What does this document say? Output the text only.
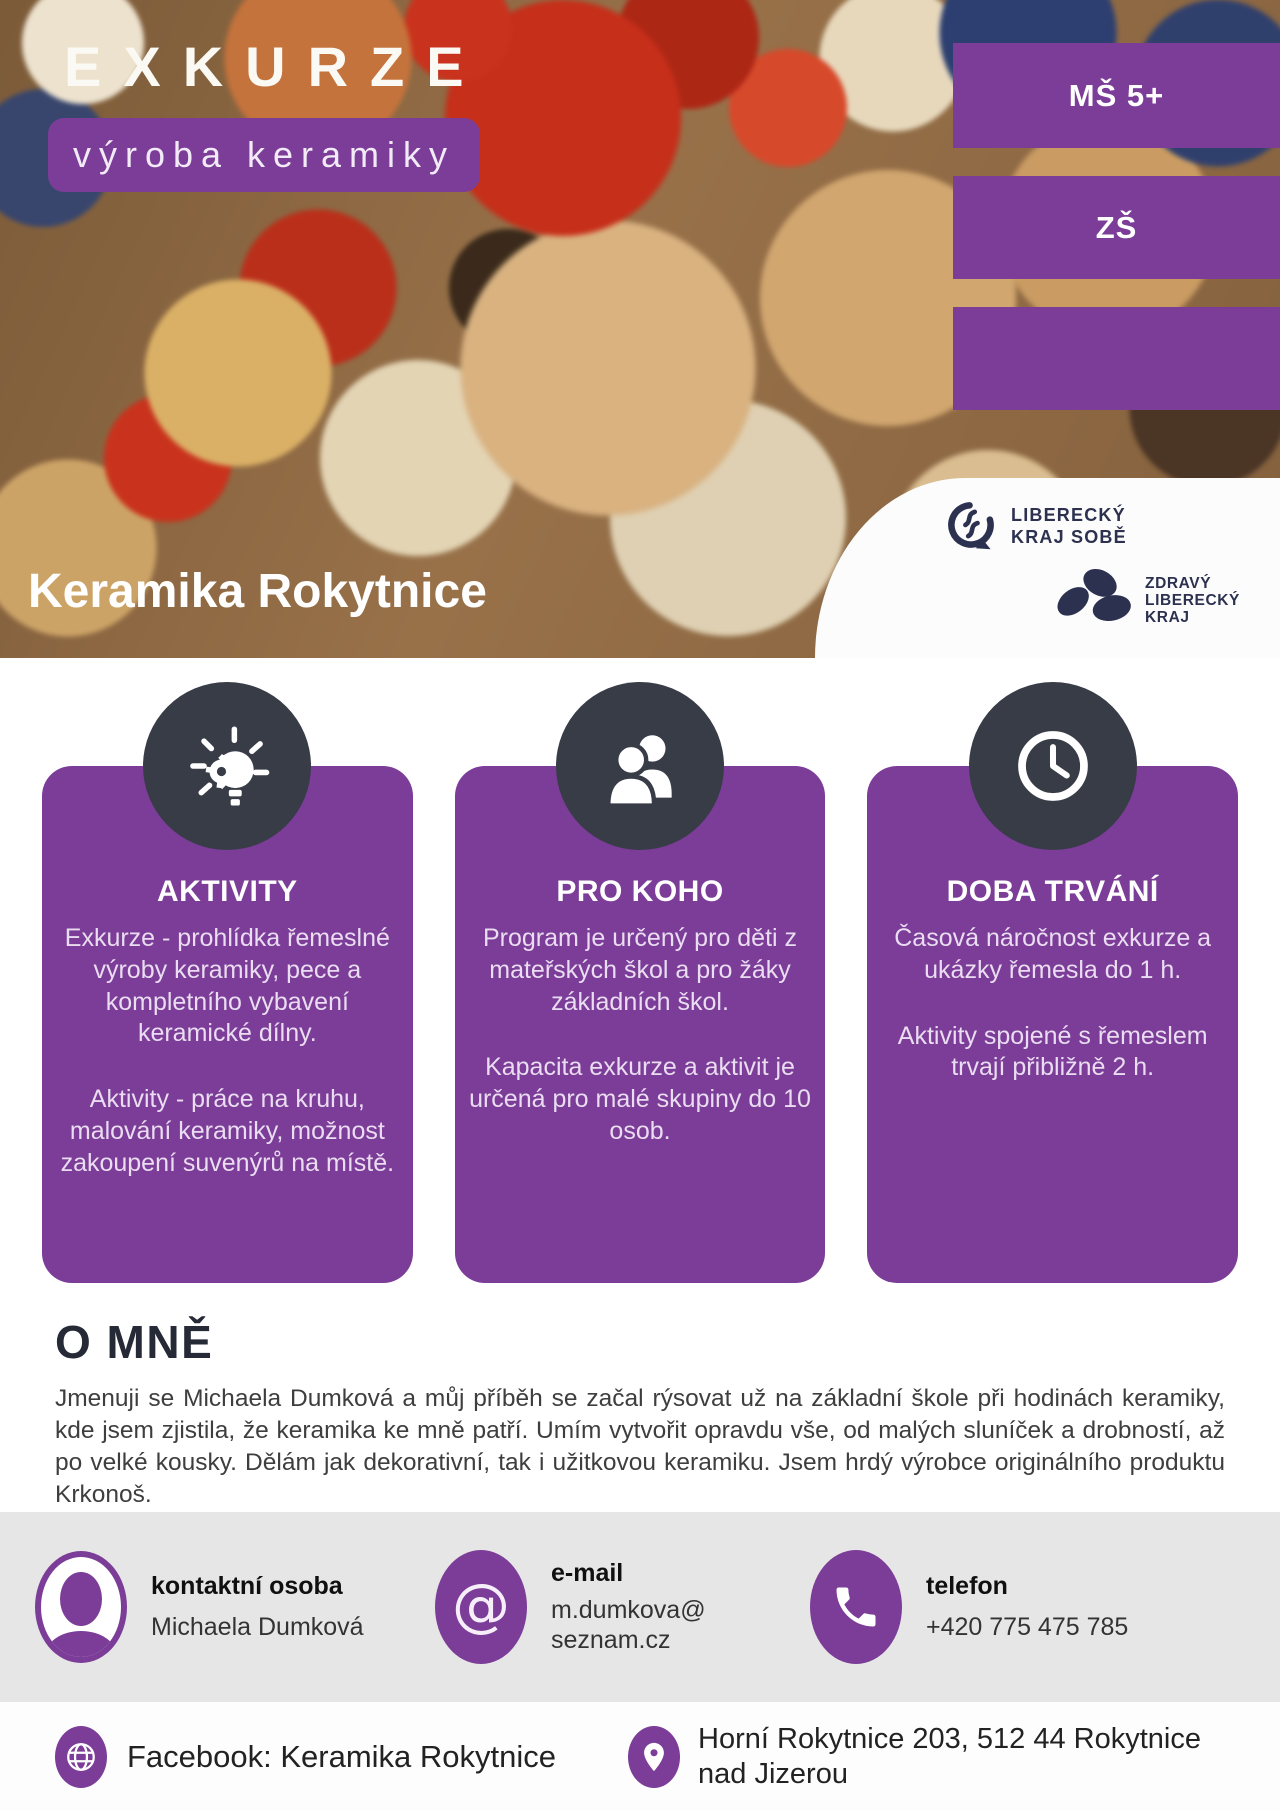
EXKURZE
výroba keramiky
MŠ 5+
ZŠ
Keramika Rokytnice
LIBERECKÝ
KRAJ SOBĚ
ZDRAVÝ
LIBERECKÝ
KRAJ
AKTIVITY

Exkurze - prohlídka řemeslné výroby keramiky, pece a kompletního vybavení keramické dílny.

Aktivity - práce na kruhu, malování keramiky, možnost zakoupení suvenýrů na místě.

PRO KOHO

Program je určený pro děti z mateřských škol a pro žáky základních škol.

Kapacita exkurze a aktivit je určená pro malé skupiny do 10 osob.

DOBA TRVÁNÍ

Časová náročnost exkurze a ukázky řemesla do 1 h.

Aktivity spojené s řemeslem trvají přibližně 2 h.

O MNĚ

Jmenuji se Michaela Dumková a můj příběh se začal rýsovat už na základní škole při hodinách keramiky, kde jsem zjistila, že keramika ke mně patří. Umím vytvořit opravdu vše, od malých sluníček a drobností, až po velké kousky. Dělám jak dekorativní, tak i užitkovou keramiku. Jsem hrdý výrobce originálního produktu Krkonoš.

kontaktní osoba
Michaela Dumková @ e-mail
m.dumkova@
seznam.cz
telefon
+420 775 475 785
Facebook: Keramika Rokytnice	Horní Rokytnice 203, 512 44 Rokytnice
nad Jizerou
